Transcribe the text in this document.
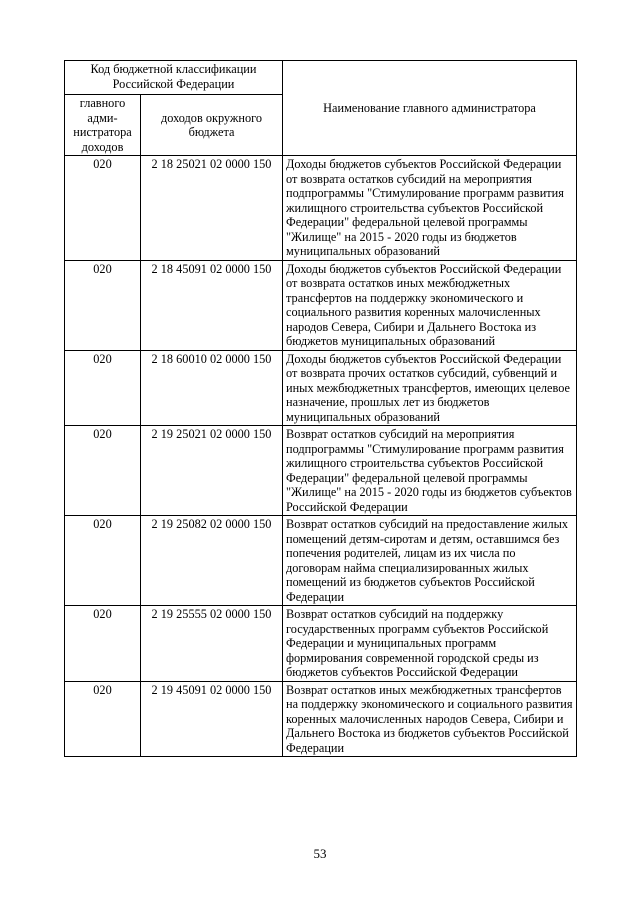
Код бюджетной классификации Российской Федерации		Наименование главного администратора
главного адми-нистратора доходов	доходов окружного бюджета	
020	2 18 25021 02 0000 150	Доходы бюджетов субъектов Российской Федерации от возврата остатков субсидий на мероприятия подпрограммы "Стимулирование программ развития жилищного строительства субъектов Российской Федерации" федеральной целевой программы "Жилище" на 2015 - 2020 годы из бюджетов муниципальных образований
020	2 18 45091 02 0000 150	Доходы бюджетов субъектов Российской Федерации от возврата остатков иных межбюджетных трансфертов на поддержку экономического и социального развития коренных малочисленных народов Севера, Сибири и Дальнего Востока из бюджетов муниципальных образований
020	2 18 60010 02 0000 150	Доходы бюджетов субъектов Российской Федерации от возврата прочих остатков субсидий, субвенций и иных межбюджетных трансфертов, имеющих целевое назначение, прошлых лет из бюджетов муниципальных образований
020	2 19 25021 02 0000 150	Возврат остатков субсидий на мероприятия подпрограммы "Стимулирование программ развития жилищного строительства субъектов Российской Федерации" федеральной целевой программы "Жилище" на 2015 - 2020 годы из бюджетов субъектов Российской Федерации
020	2 19 25082 02 0000 150	Возврат остатков субсидий на предоставление жилых помещений детям-сиротам и детям, оставшимся без попечения родителей, лицам из их числа по договорам найма специализированных жилых помещений из бюджетов субъектов Российской Федерации
020	2 19 25555 02 0000 150	Возврат остатков субсидий на поддержку государственных программ субъектов Российской Федерации и муниципальных программ формирования современной городской среды из бюджетов субъектов Российской Федерации
020	2 19 45091 02 0000 150	Возврат остатков иных межбюджетных трансфертов на поддержку экономического и социального развития коренных малочисленных народов Севера, Сибири и Дальнего Востока из бюджетов субъектов Российской Федерации
53
